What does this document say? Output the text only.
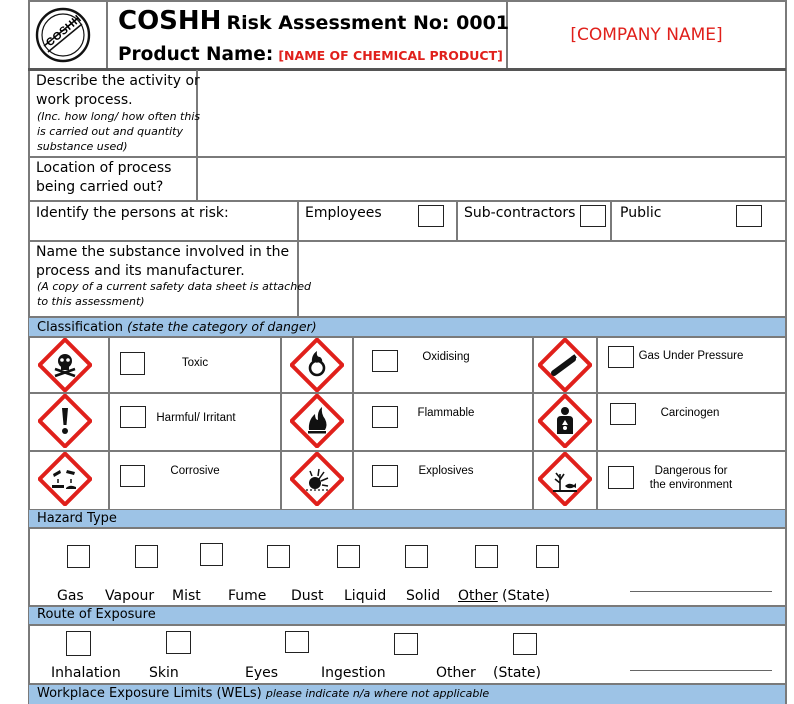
COSHH COSHH Risk Assessment No: 0001
Product Name: [NAME OF CHEMICAL PRODUCT]
[COMPANY NAME]
Describe the activity or
work process.
(Inc. how long/ how often this
is carried out and quantity
substance used)
Location of process
being carried out?
Identify the persons at risk:	Employees	Sub-contractors	Public
Name the substance involved in the
process and its manufacturer.
(A copy of a current safety data sheet is attached
to this assessment)
Classification (state the category of danger)
Toxic	Oxidising	Gas Under Pressure
Harmful/ Irritant	Flammable	Carcinogen
Corrosive	Explosives	Dangerous for
the environment
Hazard Type
Gas Vapour Mist Fume Dust Liquid Solid Other (State)
Route of Exposure
Inhalation Skin	Eyes	Ingestion	Other (State)
Workplace Exposure Limits (WELs) please indicate n/a where not applicable
